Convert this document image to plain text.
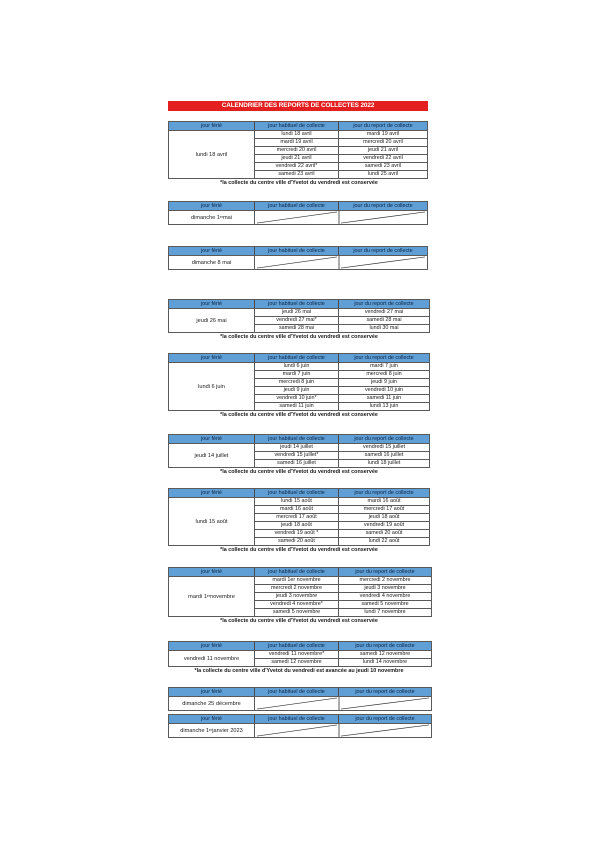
CALENDRIER DES REPORTS DE COLLECTES 2022
jour férié	jour habituel de collecte	jour du report de collecte
lundi 18 avril
lundi 18 avril	mardi 19 avril
mardi 19 avril	mercredi 20 avril
mercredi 20 avril	jeudi 21 avril
jeudi 21 avril	vendredi 22 avril
vendredi 22 avril*	samedi 23 avril
samedi 23 avril	lundi 25 avril
*la collecte du centre ville d'Yvetot du vendredi est conservée
jour férié	jour habituel de collecte	jour du report de collecte
dimanche 1 er mai
jour férié	jour habituel de collecte	jour du report de collecte
dimanche 8 mai
jour férié	jour habituel de collecte	jour du report de collecte
jeudi 26 mai
jeudi 26 mai	vendredi 27 mai
vendredi 27 mai*	samedi 28 mai
samedi 28 mai	lundi 30 mai
*la collecte du centre ville d'Yvetot du vendredi est conservée
jour férié	jour habituel de collecte	jour du report de collecte
lundi 6 juin
lundi 6 juin	mardi 7 juin
mardi 7 juin	mercredi 8 juin
mercredi 8 juin	jeudi 9 juin
jeudi 9 juin	vendredi 10 juin
vendredi 10 juin*	samedi 11 juin
samedi 11 juin	lundi 13 juin
*la collecte du centre ville d'Yvetot du vendredi est conservée
jour férié	jour habituel de collecte	jour du report de collecte
jeudi 14 juillet
jeudi 14 juillet	vendredi 15 juillet
vendredi 15 juillet*	samedi 16 juillet
samedi 16 juillet	lundi 18 juillet
*la collecte du centre ville d'Yvetot du vendredi est conservée
jour férié	jour habituel de collecte	jour du report de collecte
lundi 15 août
lundi 15 août	mardi 16 août
mardi 16 août	mercredi 17 août
mercredi 17 août	jeudi 18 août
jeudi 18 août	vendredi 19 août
vendredi 19 août *	samedi 20 août
samedi 20 août	lundi 22 août
*la collecte du centre ville d'Yvetot du vendredi est conservée
jour férié	jour habituel de collecte	jour du report de collecte
mardi 1 er novembre
mardi 1er novembre	mercredi 2 novembre
mercredi 2 novembre	jeudi 3 novembre
jeudi 3 novembre	vendredi 4 novembre
vendredi 4 novembre*	samedi 5 novembre
samedi 5 novembre	lundi 7 novembre
*la collecte du centre ville d'Yvetot du vendredi est conservée
jour férié	jour habituel de collecte	jour du report de collecte
vendredi 11 novembre
vendredi 11 novembre*	samedi 12 novembre
samedi 12 novembre	lundi 14 novembre
*la collecte du centre ville d'Yvetot du vendredi est avancée au jeudi 10 novembre
jour férié	jour habituel de collecte	jour du report de collecte
dimanche 25 décembre
jour férié	jour habituel de collecte	jour du report de collecte
dimanche 1 er janvier 2023
